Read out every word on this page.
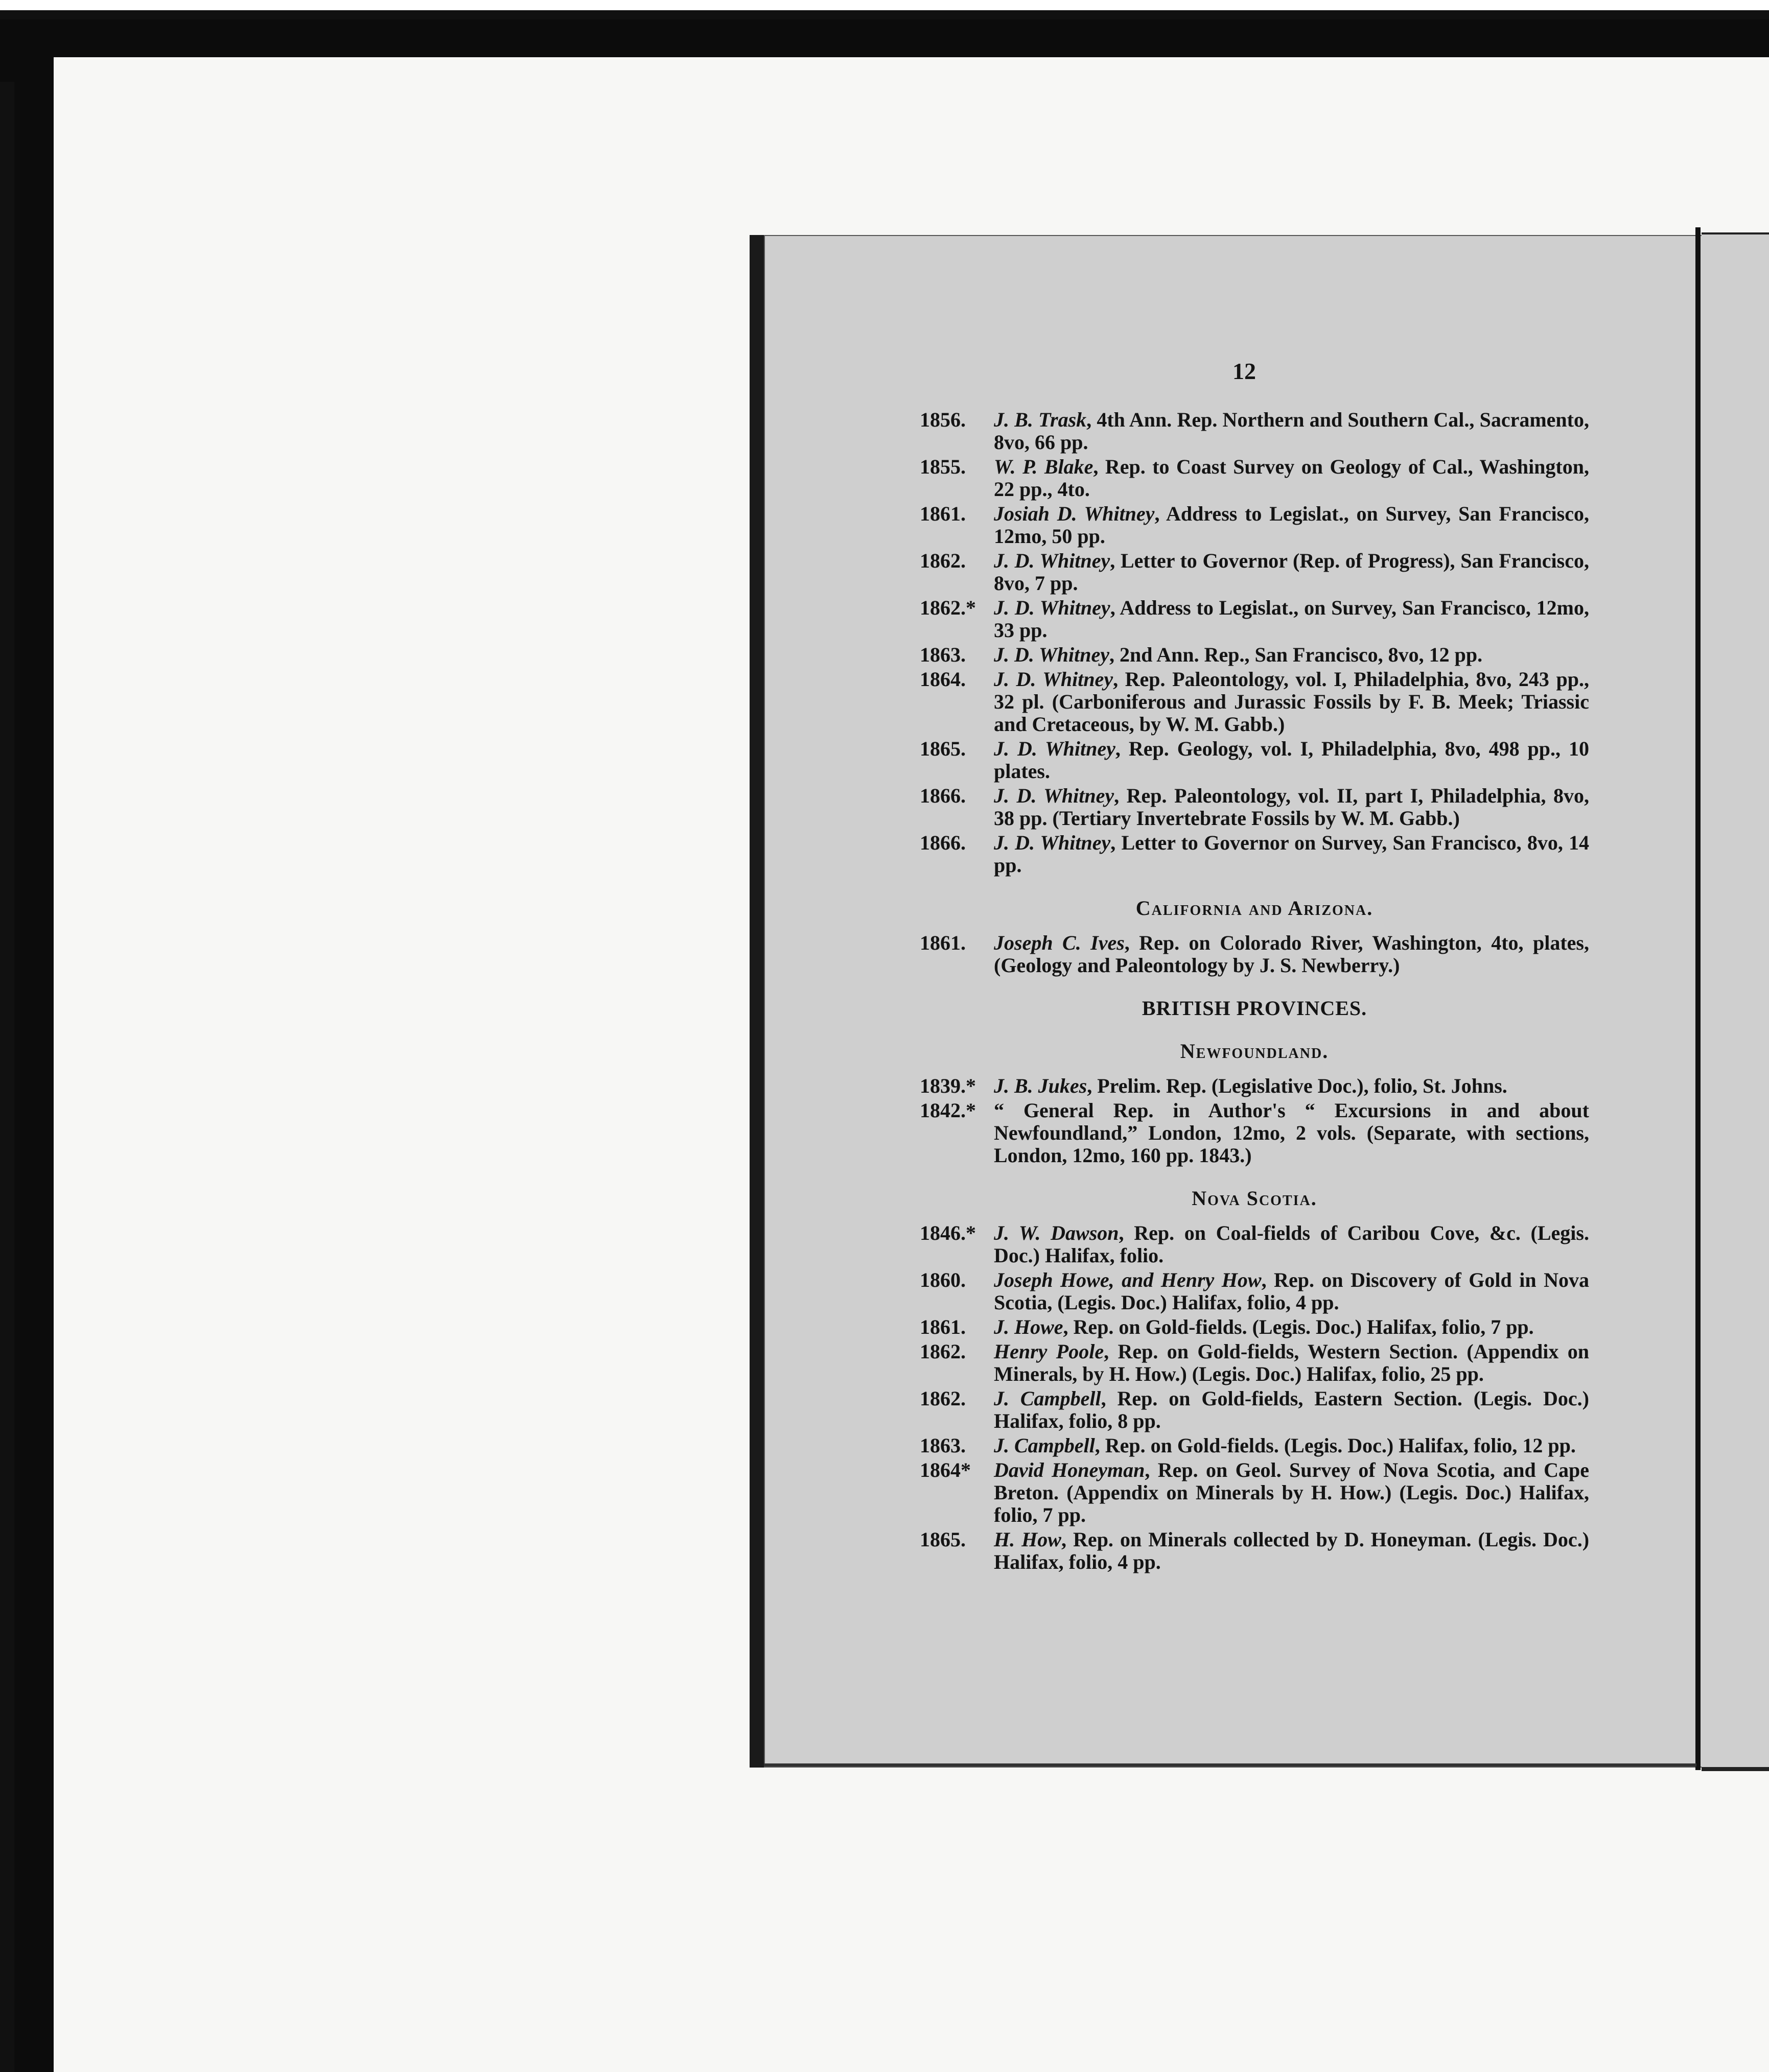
12
1856.	J. B. Trask, 4th Ann. Rep. Northern and Southern Cal., Sacramento, 8vo, 66 pp.
1855.	W. P. Blake, Rep. to Coast Survey on Geology of Cal., Washington, 22 pp., 4to.
1861.	Josiah D. Whitney, Address to Legislat., on Survey, San Francisco, 12mo, 50 pp.
1862.	J. D. Whitney, Letter to Governor (Rep. of Progress), San Francisco, 8vo, 7 pp.
1862.* J. D. Whitney, Address to Legislat., on Survey, San Francisco, 12mo, 33 pp.
1863.	J. D. Whitney, 2nd Ann. Rep., San Francisco, 8vo, 12 pp.
1864.	J. D. Whitney, Rep. Paleontology, vol. I, Philadelphia, 8vo, 243 pp., 32 pl. (Carboniferous and Jurassic Fossils by F. B. Meek; Triassic and Cretaceous, by W. M. Gabb.)
1865.	J. D. Whitney, Rep. Geology, vol. I, Philadelphia, 8vo, 498 pp., 10 plates.
1866.	J. D. Whitney, Rep. Paleontology, vol. II, part I, Philadelphia, 8vo, 38 pp. (Tertiary Invertebrate Fossils by W. M. Gabb.)
1866.	J. D. Whitney, Letter to Governor on Survey, San Francisco, 8vo, 14 pp.
California and Arizona.
1861.	Joseph C. Ives, Rep. on Colorado River, Washington, 4to, plates, (Geology and Paleontology by J. S. Newberry.)
BRITISH PROVINCES.
Newfoundland.
1839.* J. B. Jukes, Prelim. Rep. (Legislative Doc.), folio, St. Johns.
1842.* “ General Rep. in Author's “ Excursions in and about Newfoundland,” London, 12mo, 2 vols. (Separate, with sections, London, 12mo, 160 pp. 1843.)
Nova Scotia.
1846.* J. W. Dawson, Rep. on Coal-fields of Caribou Cove, &c. (Legis. Doc.) Halifax, folio.
1860.	Joseph Howe, and Henry How, Rep. on Discovery of Gold in Nova Scotia, (Legis. Doc.) Halifax, folio, 4 pp.
1861.	J. Howe, Rep. on Gold-fields. (Legis. Doc.) Halifax, folio, 7 pp.
1862.	Henry Poole, Rep. on Gold-fields, Western Section. (Appendix on Minerals, by H. How.) (Legis. Doc.) Halifax, folio, 25 pp.
1862.	J. Campbell, Rep. on Gold-fields, Eastern Section. (Legis. Doc.) Halifax, folio, 8 pp.
1863.	J. Campbell, Rep. on Gold-fields. (Legis. Doc.) Halifax, folio, 12 pp.
1864*	David Honeyman, Rep. on Geol. Survey of Nova Scotia, and Cape Breton. (Appendix on Minerals by H. How.) (Legis. Doc.) Halifax, folio, 7 pp.
1865.	H. How, Rep. on Minerals collected by D. Honeyman. (Legis. Doc.) Halifax, folio, 4 pp.
